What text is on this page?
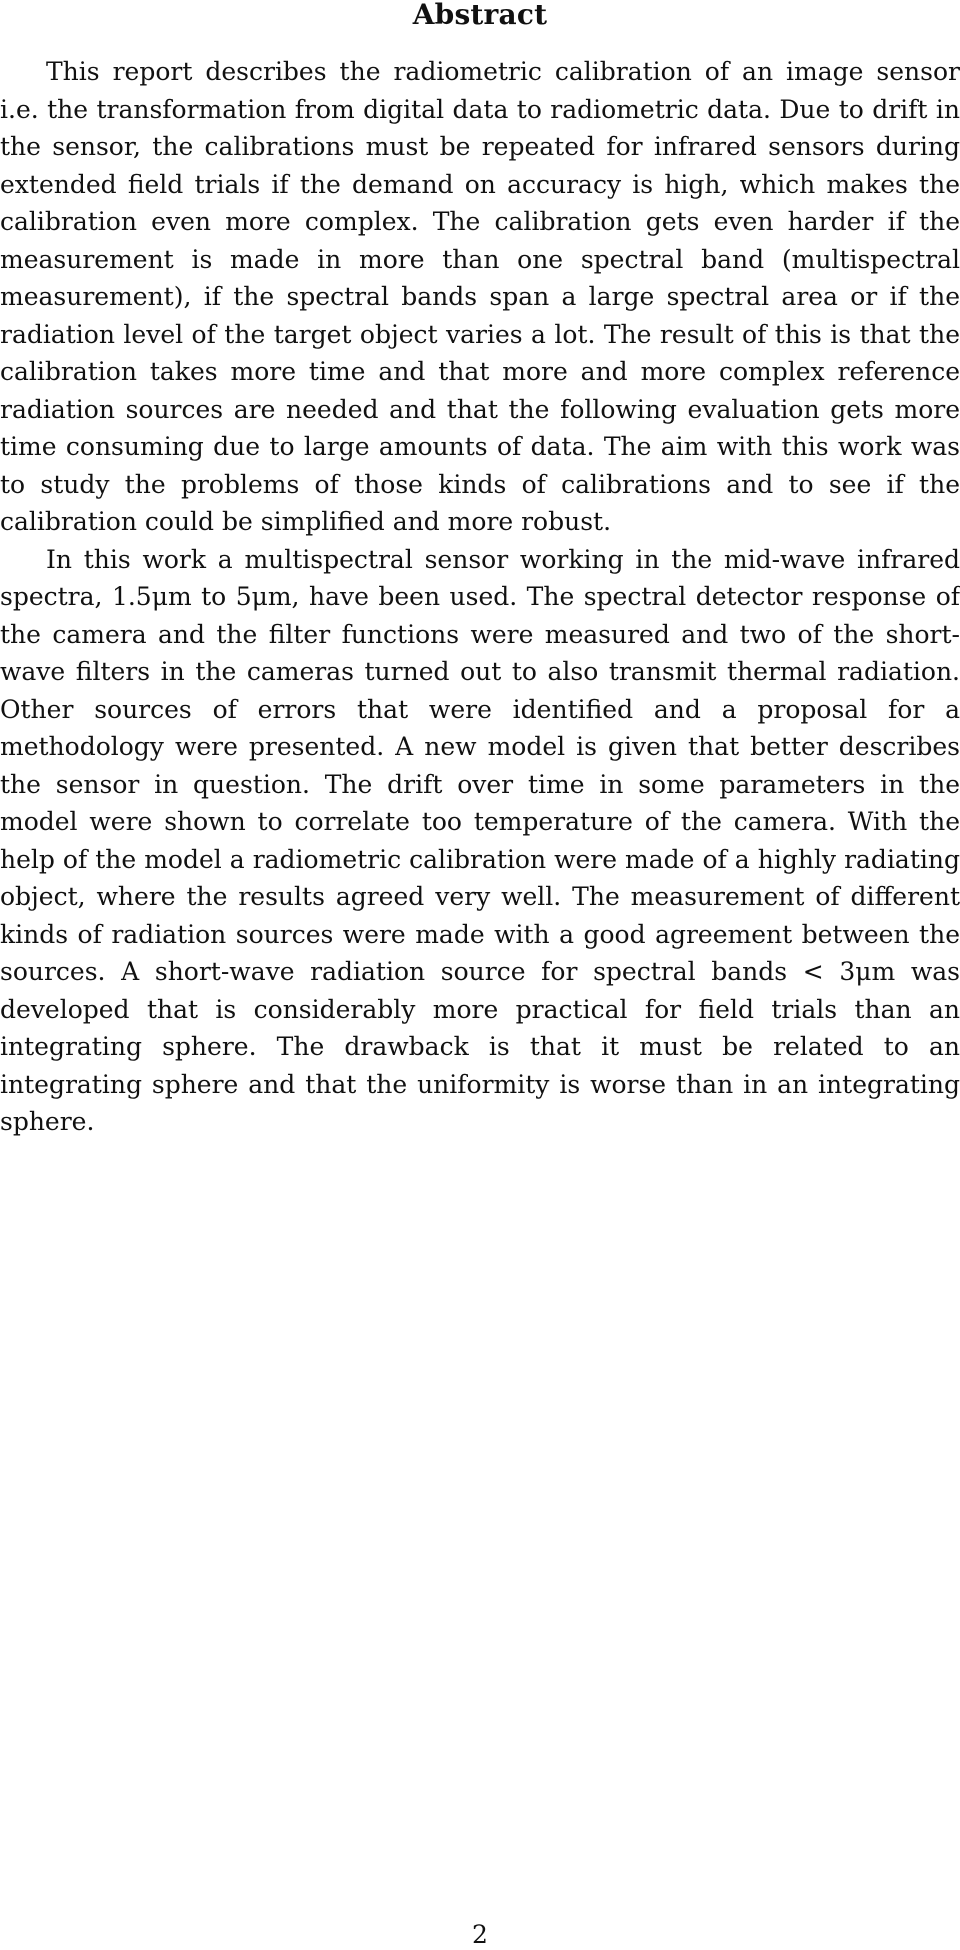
Abstract

This report describes the radiometric calibration of an image sensor i.e. the transformation from digital data to radiometric data. Due to drift in the sensor, the calibrations must be repeated for infrared sensors during extended field trials if the demand on accuracy is high, which makes the calibration even more complex. The calibration gets even harder if the measurement is made in more than one spectral band (multispectral measurement), if the spectral bands span a large spectral area or if the radiation level of the target object varies a lot. The result of this is that the calibration takes more time and that more and more complex reference radiation sources are needed and that the following evaluation gets more time consuming due to large amounts of data. The aim with this work was to study the problems of those kinds of calibrations and to see if the calibration could be simplified and more robust.

In this work a multispectral sensor working in the mid-wave infrared spectra, 1.5μm to 5μm, have been used. The spectral detector response of the camera and the filter functions were measured and two of the short-wave filters in the cameras turned out to also transmit thermal radiation. Other sources of errors that were identified and a proposal for a methodology were presented. A new model is given that better describes the sensor in question. The drift over time in some parameters in the model were shown to correlate too temperature of the camera. With the help of the model a radiometric calibration were made of a highly radiating object, where the results agreed very well. The measurement of different kinds of radiation sources were made with a good agreement between the sources. A short-wave radiation source for spectral bands < 3μm was developed that is considerably more practical for field trials than an integrating sphere. The drawback is that it must be related to an integrating sphere and that the uniformity is worse than in an integrating sphere.

2
